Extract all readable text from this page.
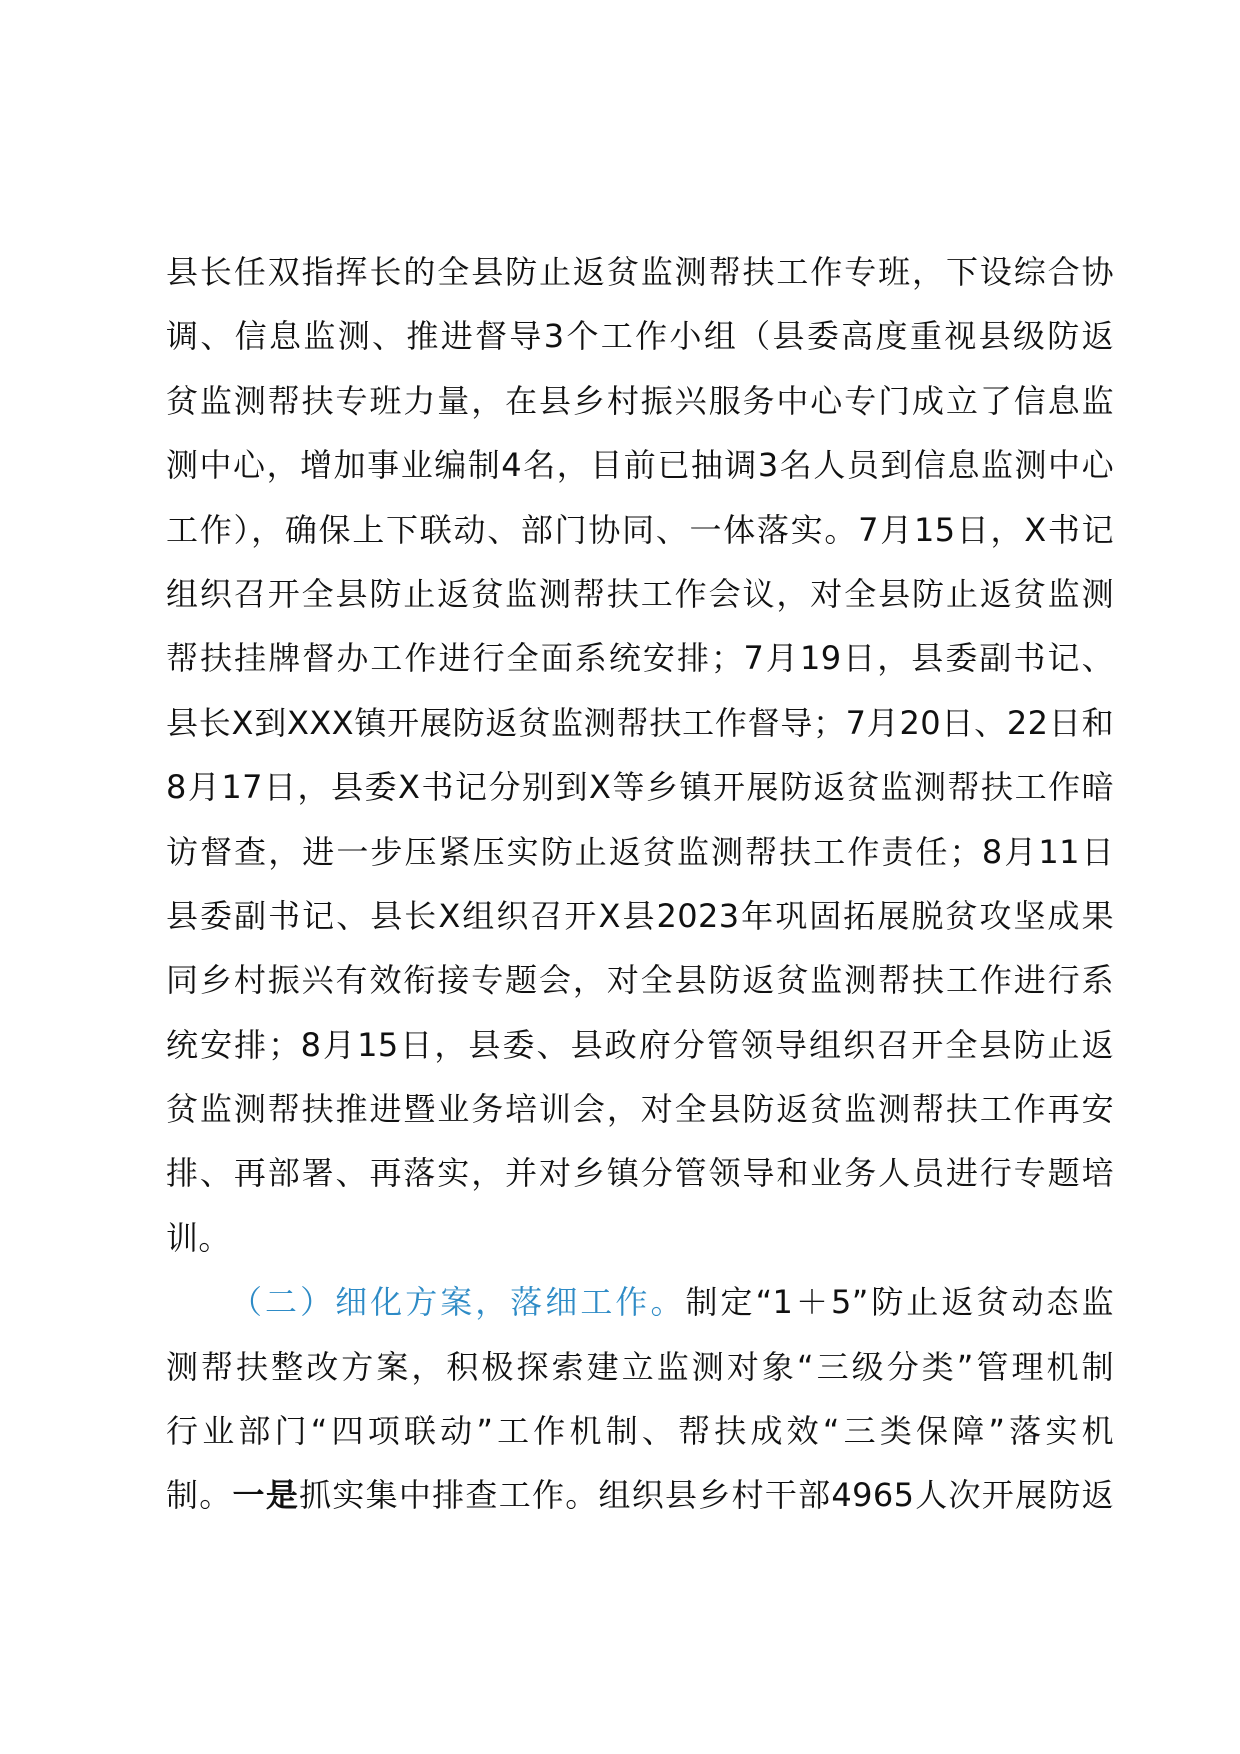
县长任双指挥长的全县防止返贫监测帮扶工作专班，下设综合协
调、信息监测、推进督导3个工作小组（县委高度重视县级防返
贫监测帮扶专班力量，在县乡村振兴服务中心专门成立了信息监
测中心，增加事业编制4名，目前已抽调3名人员到信息监测中心
工作），确保上下联动、部门协同、一体落实。7月15日，X书记
组织召开全县防止返贫监测帮扶工作会议，对全县防止返贫监测
帮扶挂牌督办工作进行全面系统安排；7月19日，县委副书记、
县长X到XXX镇开展防返贫监测帮扶工作督导；7月20日、22日和
8月17日，县委X书记分别到X等乡镇开展防返贫监测帮扶工作暗
访督查，进一步压紧压实防止返贫监测帮扶工作责任；8月11日
县委副书记、县长X组织召开X县2023年巩固拓展脱贫攻坚成果
同乡村振兴有效衔接专题会，对全县防返贫监测帮扶工作进行系
统安排；8月15日，县委、县政府分管领导组织召开全县防止返
贫监测帮扶推进暨业务培训会，对全县防返贫监测帮扶工作再安
排、再部署、再落实，并对乡镇分管领导和业务人员进行专题培
训。
（二）细化方案，落细工作。制定“1＋5”防止返贫动态监
测帮扶整改方案，积极探索建立监测对象“三级分类”管理机制
行业部门“四项联动”工作机制、帮扶成效“三类保障”落实机
制。一是抓实集中排查工作。组织县乡村干部4965人次开展防返
